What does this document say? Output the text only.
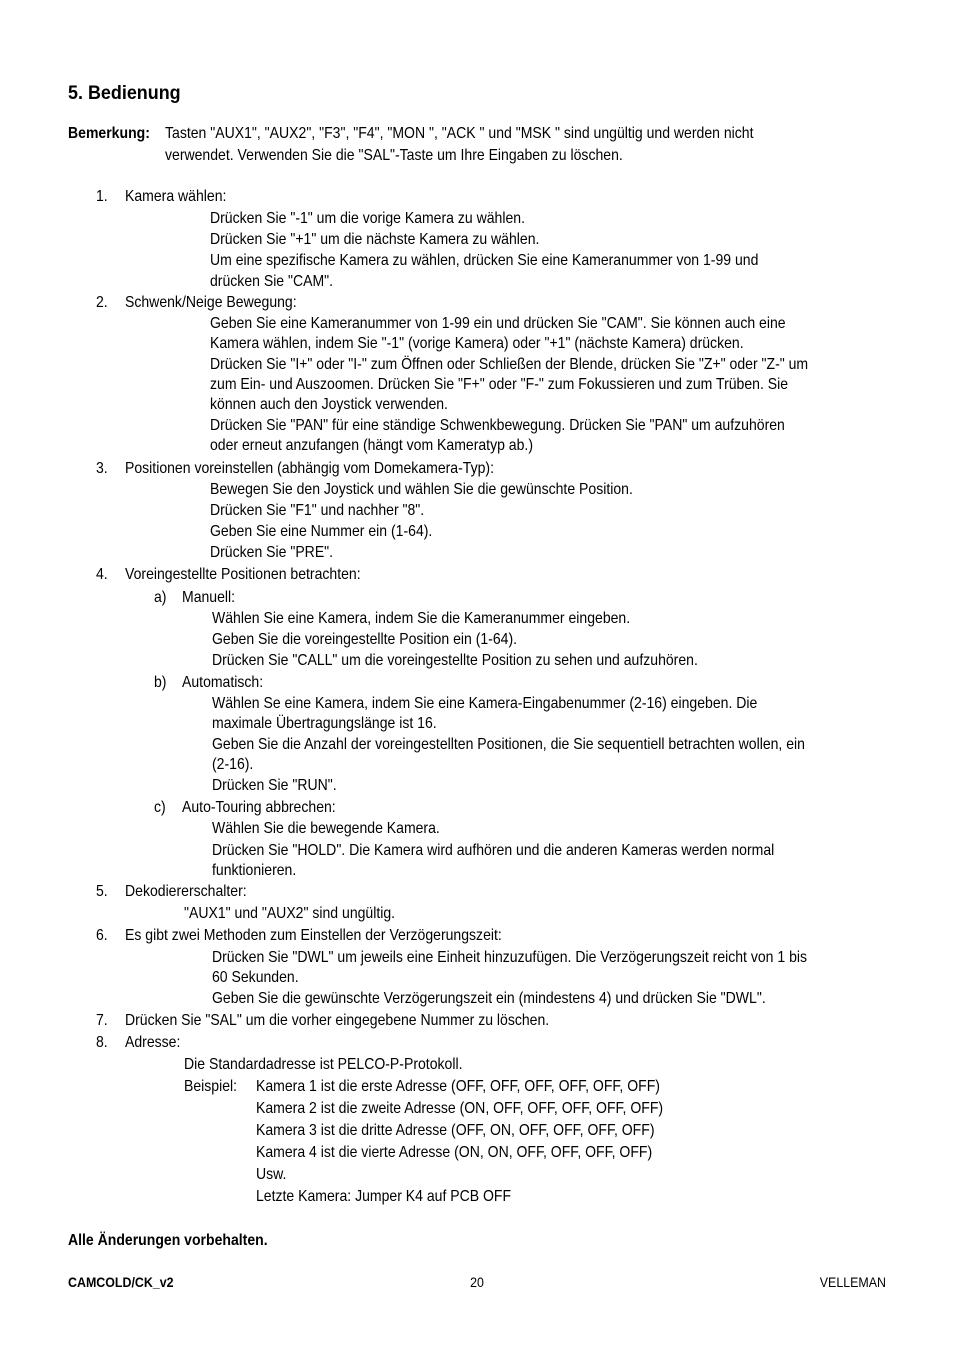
5. Bedienung
Bemerkung: Tasten "AUX1", "AUX2", "F3", "F4", "MON ", "ACK " und "MSK " sind ungültig und werden nicht
verwendet. Verwenden Sie die "SAL"-Taste um Ihre Eingaben zu löschen.
1. Kamera wählen:
Drücken Sie "-1" um die vorige Kamera zu wählen.
Drücken Sie "+1" um die nächste Kamera zu wählen.
Um eine spezifische Kamera zu wählen, drücken Sie eine Kameranummer von 1-99 und
drücken Sie "CAM".
2. Schwenk/Neige Bewegung:
Geben Sie eine Kameranummer von 1-99 ein und drücken Sie "CAM". Sie können auch eine
Kamera wählen, indem Sie "-1" (vorige Kamera) oder "+1" (nächste Kamera) drücken.
Drücken Sie "I+" oder "I-" zum Öffnen oder Schließen der Blende, drücken Sie "Z+" oder "Z-" um
zum Ein- und Auszoomen. Drücken Sie "F+" oder "F-" zum Fokussieren und zum Trüben. Sie
können auch den Joystick verwenden.
Drücken Sie "PAN" für eine ständige Schwenkbewegung. Drücken Sie "PAN" um aufzuhören
oder erneut anzufangen (hängt vom Kameratyp ab.)
3. Positionen voreinstellen (abhängig vom Domekamera-Typ):
Bewegen Sie den Joystick und wählen Sie die gewünschte Position.
Drücken Sie "F1" und nachher "8".
Geben Sie eine Nummer ein (1-64).
Drücken Sie "PRE".
4. Voreingestellte Positionen betrachten:
a) Manuell:
Wählen Sie eine Kamera, indem Sie die Kameranummer eingeben.
Geben Sie die voreingestellte Position ein (1-64).
Drücken Sie "CALL" um die voreingestellte Position zu sehen und aufzuhören.
b) Automatisch:
Wählen Se eine Kamera, indem Sie eine Kamera-Eingabenummer (2-16) eingeben. Die
maximale Übertragungslänge ist 16.
Geben Sie die Anzahl der voreingestellten Positionen, die Sie sequentiell betrachten wollen, ein
(2-16).
Drücken Sie "RUN".
c) Auto-Touring abbrechen:
Wählen Sie die bewegende Kamera.
Drücken Sie "HOLD". Die Kamera wird aufhören und die anderen Kameras werden normal
funktionieren.
5. Dekodiererschalter:
"AUX1" und "AUX2" sind ungültig.
6. Es gibt zwei Methoden zum Einstellen der Verzögerungszeit:
Drücken Sie "DWL" um jeweils eine Einheit hinzuzufügen. Die Verzögerungszeit reicht von 1 bis
60 Sekunden.
Geben Sie die gewünschte Verzögerungszeit ein (mindestens 4) und drücken Sie "DWL".
7. Drücken Sie "SAL" um die vorher eingegebene Nummer zu löschen.
8. Adresse:
Die Standardadresse ist PELCO-P-Protokoll.
Beispiel: Kamera 1 ist die erste Adresse (OFF, OFF, OFF, OFF, OFF, OFF)
Kamera 2 ist die zweite Adresse (ON, OFF, OFF, OFF, OFF, OFF)
Kamera 3 ist die dritte Adresse (OFF, ON, OFF, OFF, OFF, OFF)
Kamera 4 ist die vierte Adresse (ON, ON, OFF, OFF, OFF, OFF)
Usw.
Letzte Kamera: Jumper K4 auf PCB OFF
Alle Änderungen vorbehalten.
CAMCOLD/CK_v2	20	VELLEMAN
